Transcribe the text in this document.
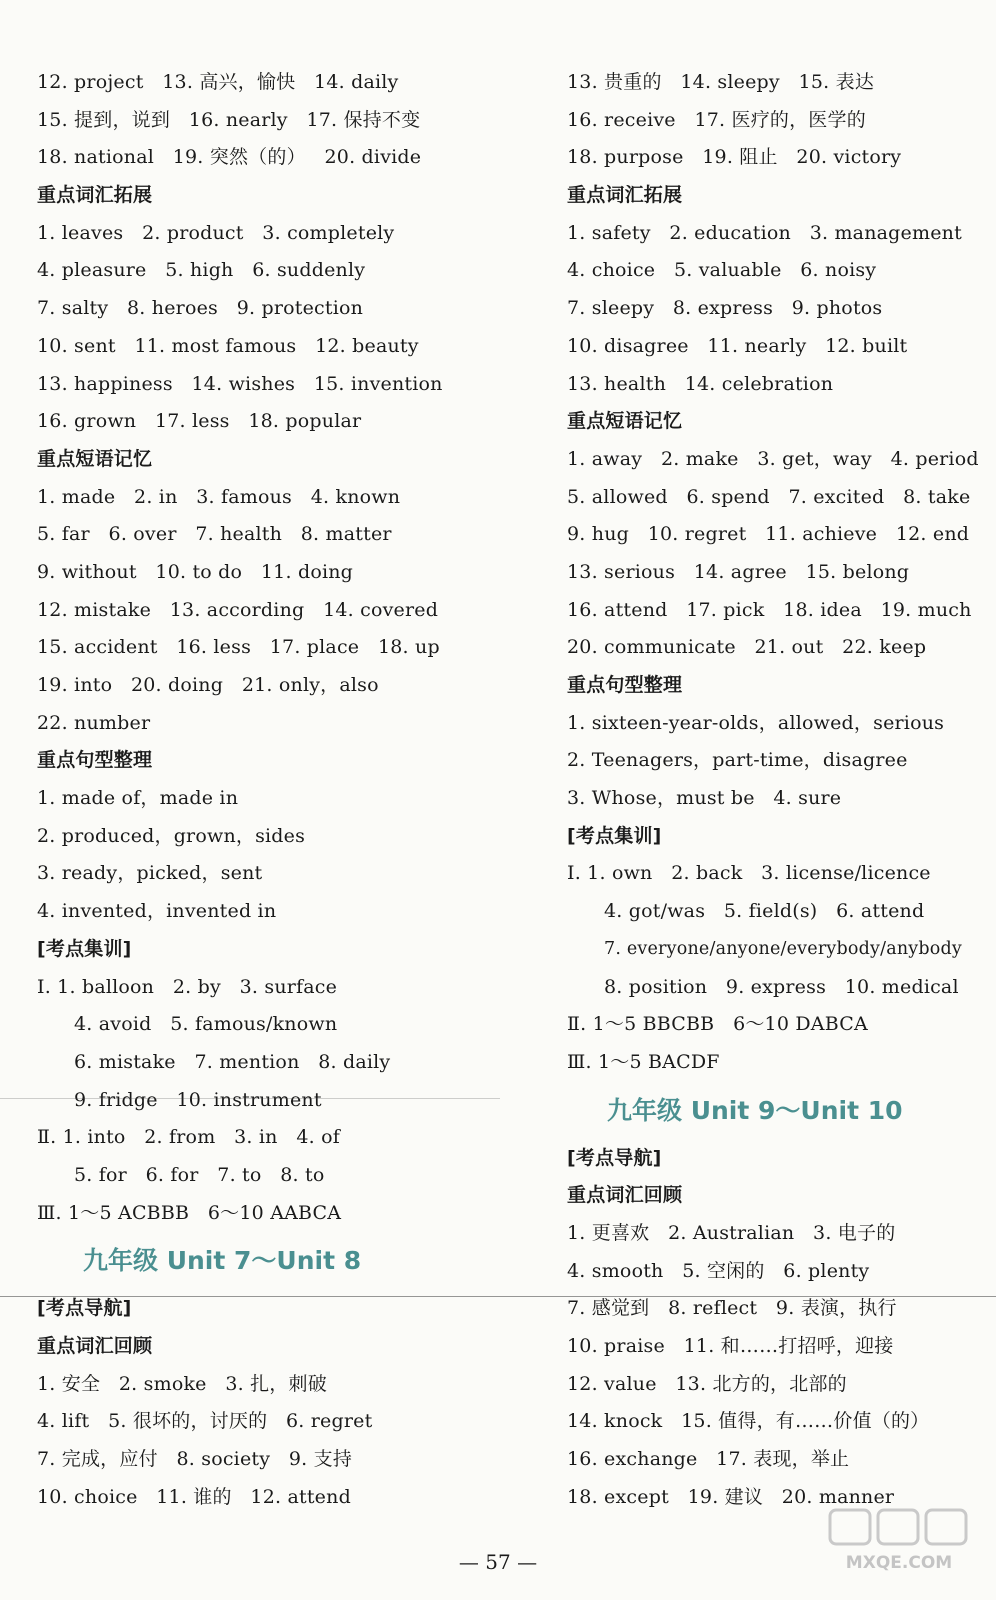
12. project   13. 高兴，愉快   14. daily
15. 提到，说到   16. nearly   17. 保持不变
18. national   19. 突然（的）   20. divide
重点词汇拓展
1. leaves   2. product   3. completely
4. pleasure   5. high   6. suddenly
7. salty   8. heroes   9. protection
10. sent   11. most famous   12. beauty
13. happiness   14. wishes   15. invention
16. grown   17. less   18. popular
重点短语记忆
1. made   2. in   3. famous   4. known
5. far   6. over   7. health   8. matter
9. without   10. to do   11. doing
12. mistake   13. according   14. covered
15. accident   16. less   17. place   18. up
19. into   20. doing   21. only，also
22. number
重点句型整理
1. made of，made in
2. produced，grown，sides
3. ready，picked，sent
4. invented，invented in
[考点集训]
Ⅰ. 1. balloon   2. by   3. surface
4. avoid   5. famous/known
6. mistake   7. mention   8. daily
9. fridge   10. instrument
Ⅱ. 1. into   2. from   3. in   4. of
5. for   6. for   7. to   8. to
Ⅲ. 1～5 ACBBB   6～10 AABCA
九年级 Unit 7～Unit 8
[考点导航]
重点词汇回顾
1. 安全   2. smoke   3. 扎，刺破
4. lift   5. 很坏的，讨厌的   6. regret
7. 完成，应付   8. society   9. 支持
10. choice   11. 谁的   12. attend
13. 贵重的   14. sleepy   15. 表达
16. receive   17. 医疗的，医学的
18. purpose   19. 阻止   20. victory
重点词汇拓展
1. safety   2. education   3. management
4. choice   5. valuable   6. noisy
7. sleepy   8. express   9. photos
10. disagree   11. nearly   12. built
13. health   14. celebration
重点短语记忆
1. away   2. make   3. get，way   4. period
5. allowed   6. spend   7. excited   8. take
9. hug   10. regret   11. achieve   12. end
13. serious   14. agree   15. belong
16. attend   17. pick   18. idea   19. much
20. communicate   21. out   22. keep
重点句型整理
1. sixteen-year-olds，allowed，serious
2. Teenagers，part-time，disagree
3. Whose，must be   4. sure
[考点集训]
Ⅰ. 1. own   2. back   3. license/licence
4. got/was   5. field(s)   6. attend
7. everyone/anyone/everybody/anybody
8. position   9. express   10. medical
Ⅱ. 1～5 BBCBB   6～10 DABCA
Ⅲ. 1～5 BACDF
九年级 Unit 9～Unit 10
[考点导航]
重点词汇回顾
1. 更喜欢   2. Australian   3. 电子的
4. smooth   5. 空闲的   6. plenty
7. 感觉到   8. reflect   9. 表演，执行
10. praise   11. 和……打招呼，迎接
12. value   13. 北方的，北部的
14. knock   15. 值得，有……价值（的）
16. exchange   17. 表现，举止
18. except   19. 建议   20. manner
— 57 —	MXQE.COM
